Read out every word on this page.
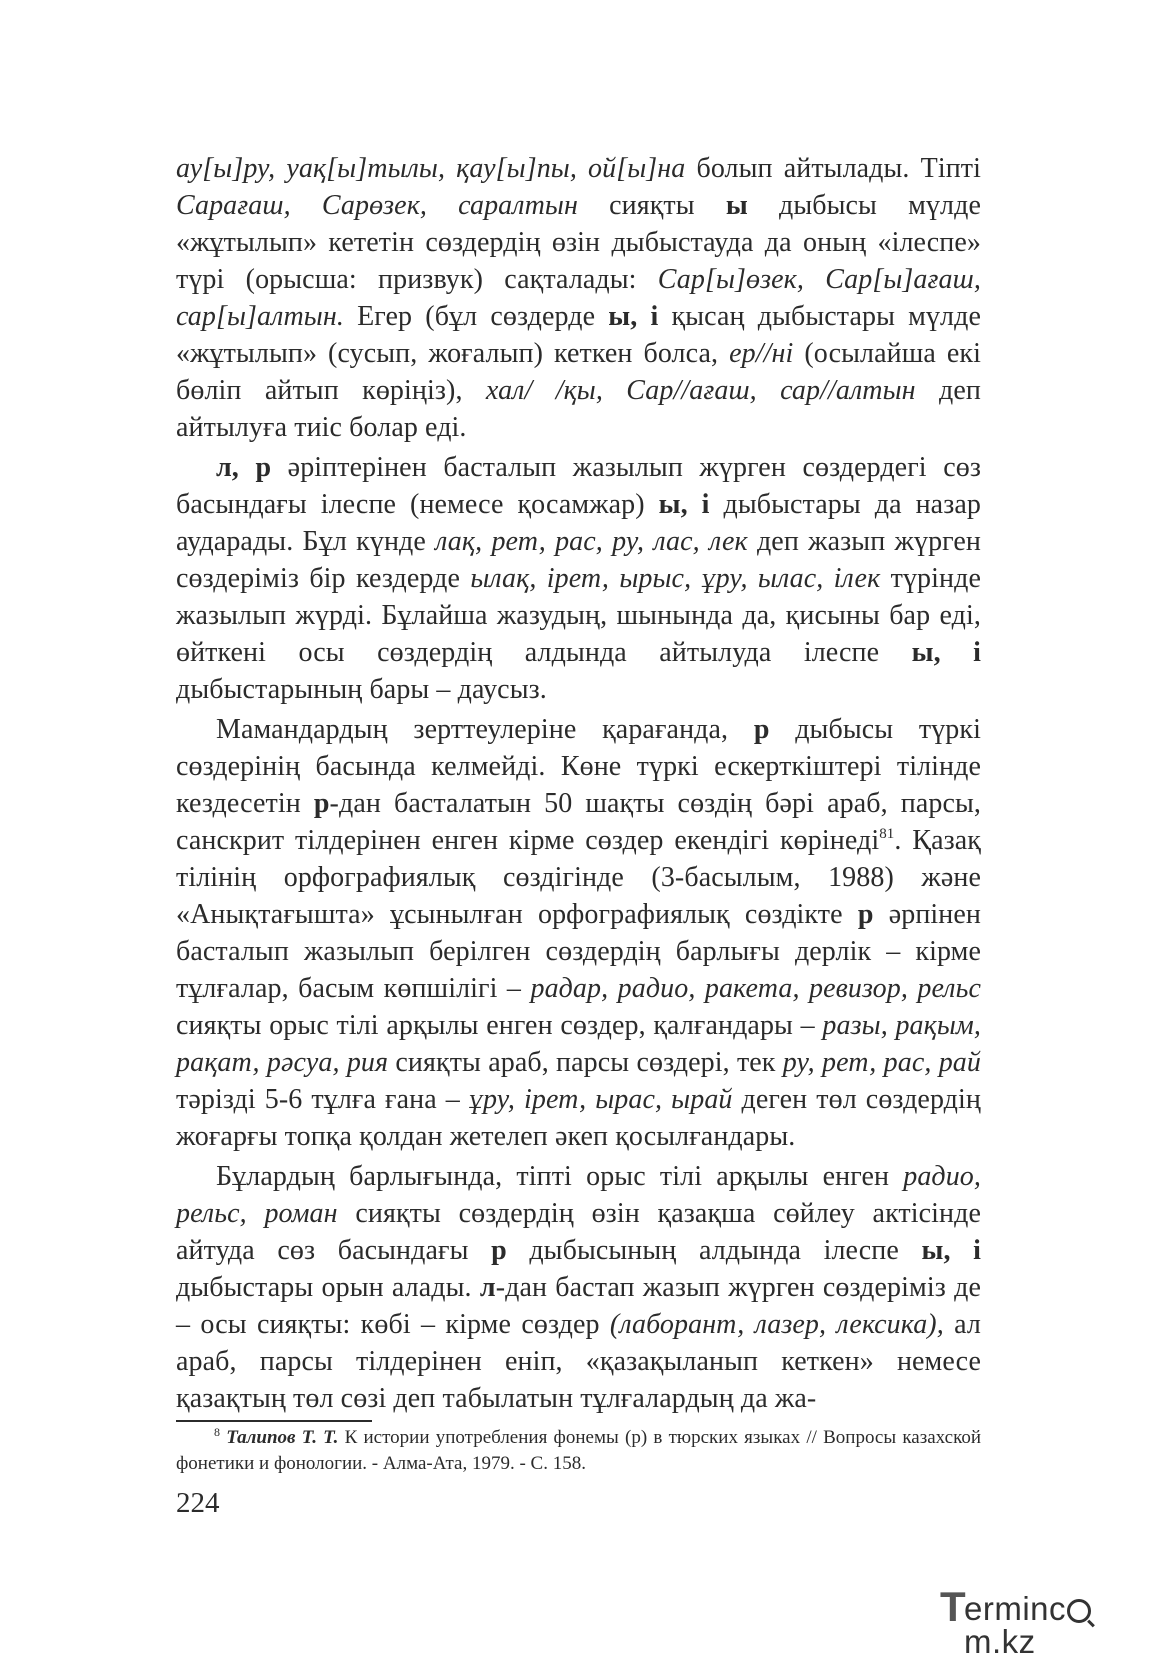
ау[ы]ру, уақ[ы]тылы, қау[ы]пы, ой[ы]на болып айтылады. Тіпті Сарағаш, Сарөзек, саралтын сияқты ы дыбысы мүлде «жұтылып» кететін сөздердің өзін дыбыстауда да оның «ілеспе» түрі (орысша: призвук) сақталады: Сар[ы]өзек, Сар[ы]ағаш, сар[ы]алтын. Егер (бұл сөздерде ы, і қысаң дыбыстары мүлде «жұтылып» (сусып, жоғалып) кеткен болса, ер//ні (осылайша екі бөліп айтып көріңіз), хал/ /қы, Сар//ағаш, сар//алтын деп айтылуға тиіс болар еді.

л, р әріптерінен басталып жазылып жүрген сөздердегі сөз басындағы ілеспе (немесе қосамжар) ы, і дыбыстары да назар аударады. Бұл күнде лақ, рет, рас, ру, лас, лек деп жазып жүрген сөздеріміз бір кездерде ылақ, ірет, ырыс, ұру, ылас, ілек түрінде жазылып жүрді. Бұлайша жазудың, шынында да, қисыны бар еді, өйткені осы сөздердің алдында айтылуда ілеспе ы, і дыбыстарының бары – даусыз.

Мамандардың зерттеулеріне қарағанда, р дыбысы түркі сөздерінің басында келмейді. Көне түркі ескерткіштері тілінде кездесетін р-дан басталатын 50 шақты сөздің бәрі араб, парсы, санскрит тілдерінен енген кірме сөздер екендігі көрінеді$^{81}$. Қазақ тілінің орфографиялық сөздігінде (3-басылым, 1988) және «Анықтағышта» ұсынылған орфографиялық сөздікте р әрпінен басталып жазылып берілген сөздердің барлығы дерлік – кірме тұлғалар, басым көпшілігі – радар, радио, ракета, ревизор, рельс сияқты орыс тілі арқылы енген сөздер, қалғандары – разы, рақым, рақат, рәсуа, рия сияқты араб, парсы сөздері, тек ру, рет, рас, рай тәрізді 5-6 тұлға ғана – ұру, ірет, ырас, ырай деген төл сөздердің жоғарғы топқа қолдан жетелеп әкеп қосылғандары.

Бұлардың барлығында, тіпті орыс тілі арқылы енген радио, рельс, роман сияқты сөздердің өзін қазақша сөйлеу актісінде айтуда сөз басындағы р дыбысының алдында ілеспе ы, і дыбыстары орын алады. л-дан бастап жазып жүрген сөздеріміз де – осы сияқты: көбі – кірме сөздер (лаборант, лазер, лексика), ал араб, парсы тілдерінен еніп, «қазақыланып кеткен» немесе қазақтың төл сөзі деп табылатын тұлғалардың да жа-

$^8$ Талипов Т. Т. К истории употребления фонемы (р) в тюрских языках // Вопросы казахской фонетики и фонологии. - Алма-Ата, 1979. - С. 158.

224
T
ermincm.kz
